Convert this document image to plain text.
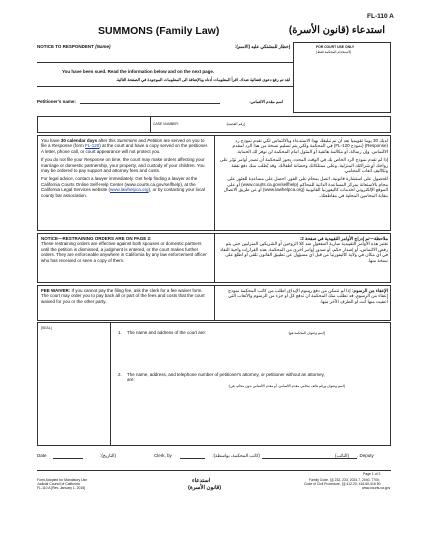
SUMMONS (Family Law)	استدعاء (قانون الأسرة)
FL-110 A
NOTICE TO RESPONDENT (Name)	إخطار للمشتكي عليه (الاسم):	FOR COURT USE ONLY
(لاستخدام المحكمة فقط)
You have been sued. Read the information below and on the next page.
لقد تم رفع دعوى قضائية ضدك. اقرأ المعلومات أدناه وبالإضافة الى المعلومات الموجودة في الصفحة التالية.
Petitioner's name:	اسم مقدم الالتماس:
CASE NUMBER:	(رقم القضية):
You have 30 calendar days after this Summons and Petition are served on you to file a Response (form FL-120) at the court and have a copy served on the petitioner. A letter, phone call, or court appearance will not protect you.
If you do not file your Response on time, the court may make orders affecting your marriage or domestic partnership, your property, and custody of your children. You may be ordered to pay support and attorney fees and costs.
For legal advice, contact a lawyer immediately. Get help finding a lawyer at the California Courts Online Self-Help Center (www.courts.ca.gov/selfhelp), at the California Legal Services website (www.lawhelpca.org), or by contacting your local county bar association.
لديك 30 يوما تقويميا بعد أن تم تبليغك بهذا الاستدعاء وبالالتماس لكي تقدم نموذج رد (Response) (نموذج FL-120) في المحكمة ولكي يتم تسليم نسخة من هذا الرد لمقدم الالتماس. وإن رسالة، أو مكالمة هاتفية أو المثول أمام المحكمة لن توفر لك الحماية.
إذا لم تقدم نموذج الرد الخاص بك في الوقت المحدد، يجوز للمحكمة أن تصدر أوامر تؤثر على زواجك أو شراكتك المنزلية، وعلى ممتلكاتك وحضانة أطفالك. وقد يُطلب منك دفع نفقة وتكاليف أتعاب المحامي.
للحصول على استشارة قانونية، اتصل بمحام على الفور. احصل على مساعدة للعثور على محام بالاستعانة بمركز المساعدة الذاتية للمحاكم (www.courts.ca.gov/selfhelp) أو على الموقع الإلكتروني لخدمات كاليفورنيا القانونية (www.lawhelpca.org) أو عن طريق الاتصال بنقابة المحامين المحلية في مقاطعتك.
NOTICE—RESTRAINING ORDERS ARE ON PAGE 2:
These restraining orders are effective against both spouses or domestic partners until the petition is dismissed, a judgment is entered, or the court makes further orders. They are enforceable anywhere in California by any law enforcement officer who has received or seen a copy of them.
ملاحظة—تم إدراج الأوامر التقييدية في صفحة 2:
تعتبر هذه الأوامر التقييدية سارية المفعول ضد كلا الزوجين أو الشريكين المنزليين حتى يتم رفض الالتماس، أو إصدار حكم، أو صدور أوامر أخرى من المحكمة. هذه القرارات واجبة النفاذ في أي مكان في ولاية كاليفورنيا من قبل أي مسؤول عن تطبيق القانون تلقى أو اطلع على نسخة منها.
FEE WAIVER: If you cannot pay the filing fee, ask the clerk for a fee waiver form. The court may order you to pay back all or part of the fees and costs that the court waived for you or the other party.
الإعفاء من الرسوم: إذا لم تتمكن من دفع رسوم الإيداع، اطلب من كاتب المحكمة نموذج إعفاء من الرسوم. قد تطلب منك المحكمة أن تدفع كل أو جزء من الرسوم والأتعاب التي أعفيت منها أنت أو الطرف الآخر منها.
[SEAL]
1. The name and address of the court are:	(اسم وعنوان المحكمة هو):
2. The name, address, and telephone number of petitioner's attorney, or petitioner without an attorney, are:
(اسم وعنوان ورقم هاتف محامي مقدم الالتماس، أو مقدم الالتماس بدون محام، هي):
Date	(التاريخ):	Clerk, by	(كاتب المحكمة، بواسطة):	, Deputy
(النائب)
Page 1 of 2
Form Adopted for Mandatory Use
Judicial Council of California
FL-110 A [Rev. January 1, 2015]
استدعاء
(قانون الأسرة)
Family Code, §§ 232, 233, 2024.7, 2040, 7700;
Code of Civil Procedure, §§ 412.20, 416.60-416.90
www.courts.ca.gov
